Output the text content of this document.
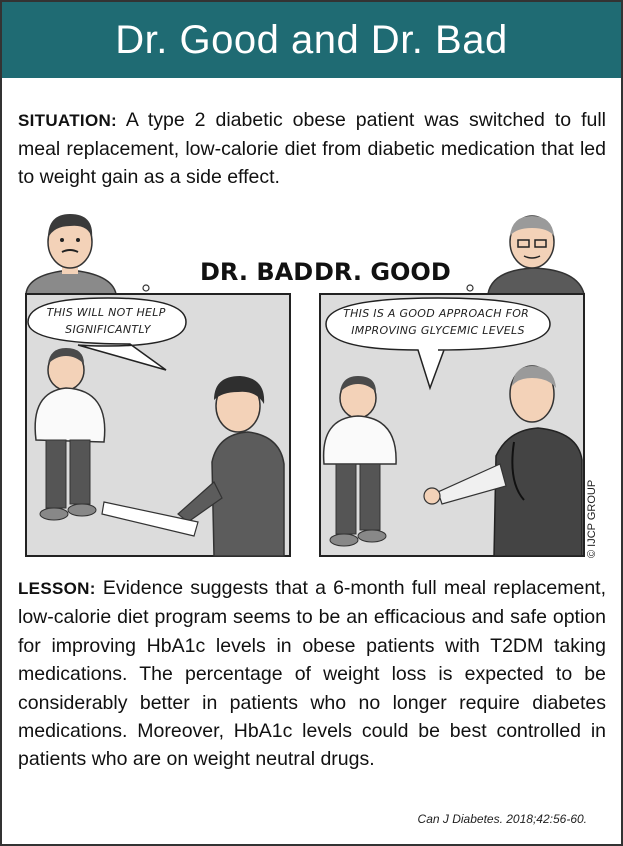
Dr. Good and Dr. Bad
SITUATION: A type 2 diabetic obese patient was switched to full meal replacement, low-calorie diet from diabetic medication that led to weight gain as a side effect.
DR. BAD DR. GOOD
THIS WILL NOT HELP SIGNIFICANTLY
THIS IS A GOOD APPROACH FOR IMPROVING GLYCEMIC LEVELS
© IJCP GROUP
LESSON: Evidence suggests that a 6-month full meal replacement, low-calorie diet program seems to be an efficacious and safe option for improving HbA1c levels in obese patients with T2DM taking medications. The percentage of weight loss is expected to be considerably better in patients who no longer require diabetes medications. Moreover, HbA1c levels could be best controlled in patients who are on weight neutral drugs.
Can J Diabetes. 2018;42:56-60.
